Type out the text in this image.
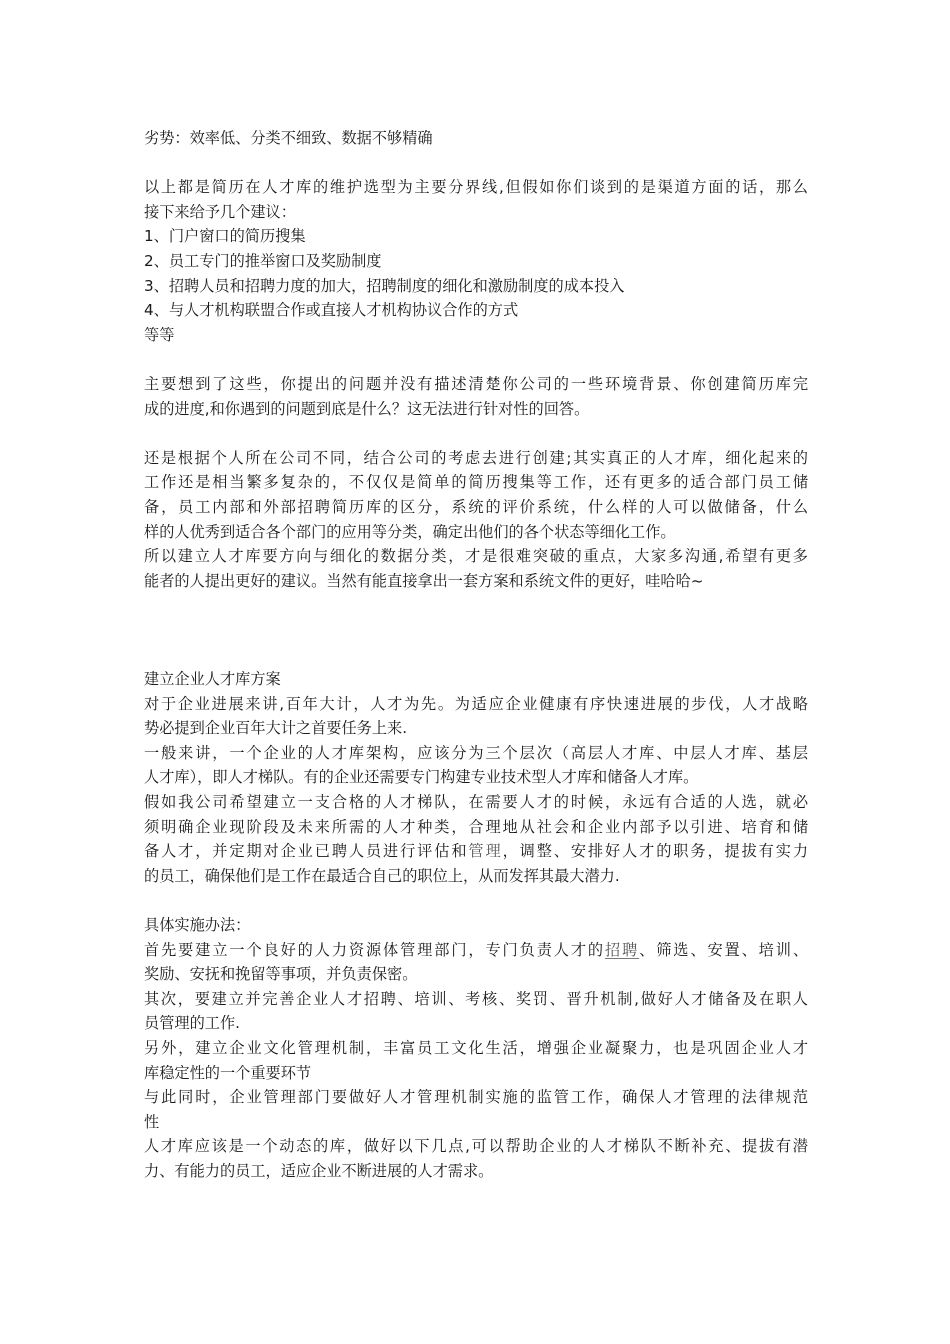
劣势：效率低、分类不细致、数据不够精确
以上都是简历在人才库的维护选型为主要分界线,但假如你们谈到的是渠道方面的话，那么
接下来给予几个建议：
1、门户窗口的简历搜集
2、员工专门的推举窗口及奖励制度
3、招聘人员和招聘力度的加大，招聘制度的细化和激励制度的成本投入
4、与人才机构联盟合作或直接人才机构协议合作的方式
等等
主要想到了这些，你提出的问题并没有描述清楚你公司的一些环境背景、你创建简历库完
成的进度,和你遇到的问题到底是什么？这无法进行针对性的回答。
还是根据个人所在公司不同，结合公司的考虑去进行创建;其实真正的人才库，细化起来的
工作还是相当繁多复杂的，不仅仅是简单的简历搜集等工作，还有更多的适合部门员工储
备，员工内部和外部招聘简历库的区分，系统的评价系统，什么样的人可以做储备，什么
样的人优秀到适合各个部门的应用等分类，确定出他们的各个状态等细化工作。
所以建立人才库要方向与细化的数据分类，才是很难突破的重点，大家多沟通,希望有更多
能者的人提出更好的建议。当然有能直接拿出一套方案和系统文件的更好，哇哈哈~
建立企业人才库方案
对于企业进展来讲,百年大计，人才为先。为适应企业健康有序快速进展的步伐，人才战略
势必提到企业百年大计之首要任务上来.
一般来讲，一个企业的人才库架构，应该分为三个层次（高层人才库、中层人才库、基层
人才库），即人才梯队。有的企业还需要专门构建专业技术型人才库和储备人才库。
假如我公司希望建立一支合格的人才梯队，在需要人才的时候，永远有合适的人选，就必
须明确企业现阶段及未来所需的人才种类，合理地从社会和企业内部予以引进、培育和储
备人才，并定期对企业已聘人员进行评估和管理，调整、安排好人才的职务，提拔有实力
的员工，确保他们是工作在最适合自己的职位上，从而发挥其最大潜力.
具体实施办法：
首先要建立一个良好的人力资源体管理部门，专门负责人才的招聘、筛选、安置、培训、
奖励、安抚和挽留等事项，并负责保密。
其次，要建立并完善企业人才招聘、培训、考核、奖罚、晋升机制,做好人才储备及在职人
员管理的工作.
另外，建立企业文化管理机制，丰富员工文化生活，增强企业凝聚力，也是巩固企业人才
库稳定性的一个重要环节
与此同时，企业管理部门要做好人才管理机制实施的监管工作，确保人才管理的法律规范
性
人才库应该是一个动态的库，做好以下几点,可以帮助企业的人才梯队不断补充、提拔有潜
力、有能力的员工，适应企业不断进展的人才需求。
